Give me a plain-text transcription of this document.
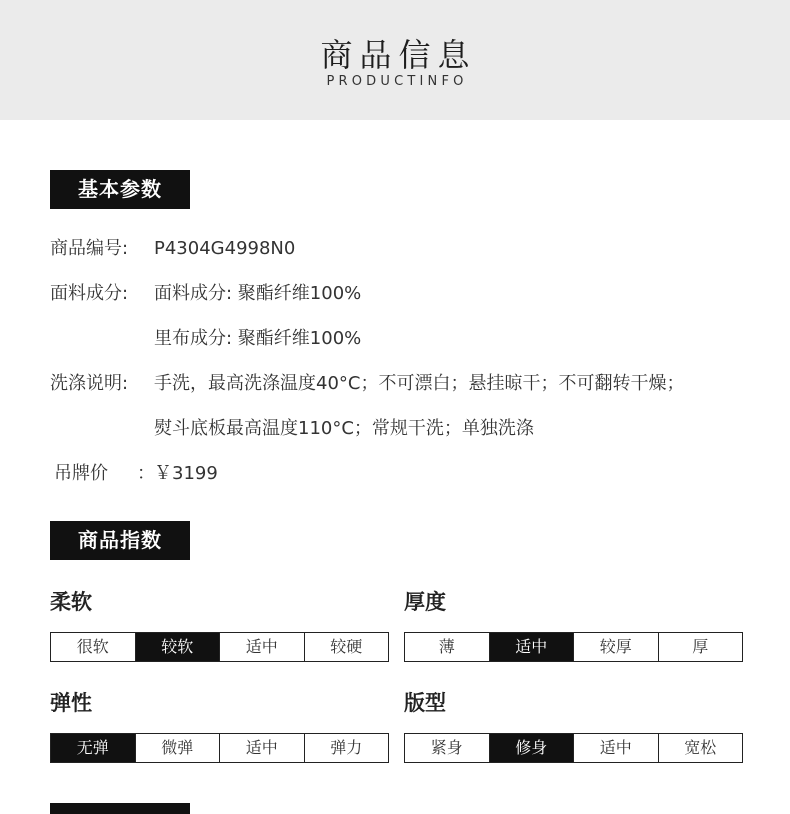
商品信息
PRODUCTINFO
基本参数
商品编号: P4304G4998N0
面料成分: 面料成分: 聚酯纤维100%
里布成分: 聚酯纤维100%
洗涤说明: 手洗，最高洗涤温度40°C；不可漂白；悬挂晾干；不可翻转干燥；
熨斗底板最高温度110°C；常规干洗；单独洗涤
吊牌价 ： ￥3199
商品指数
柔软
很软	较软	适中	较硬
厚度
薄	适中	较厚	厚
弹性
无弹	微弹	适中	弹力
版型
紧身	修身	适中	宽松
